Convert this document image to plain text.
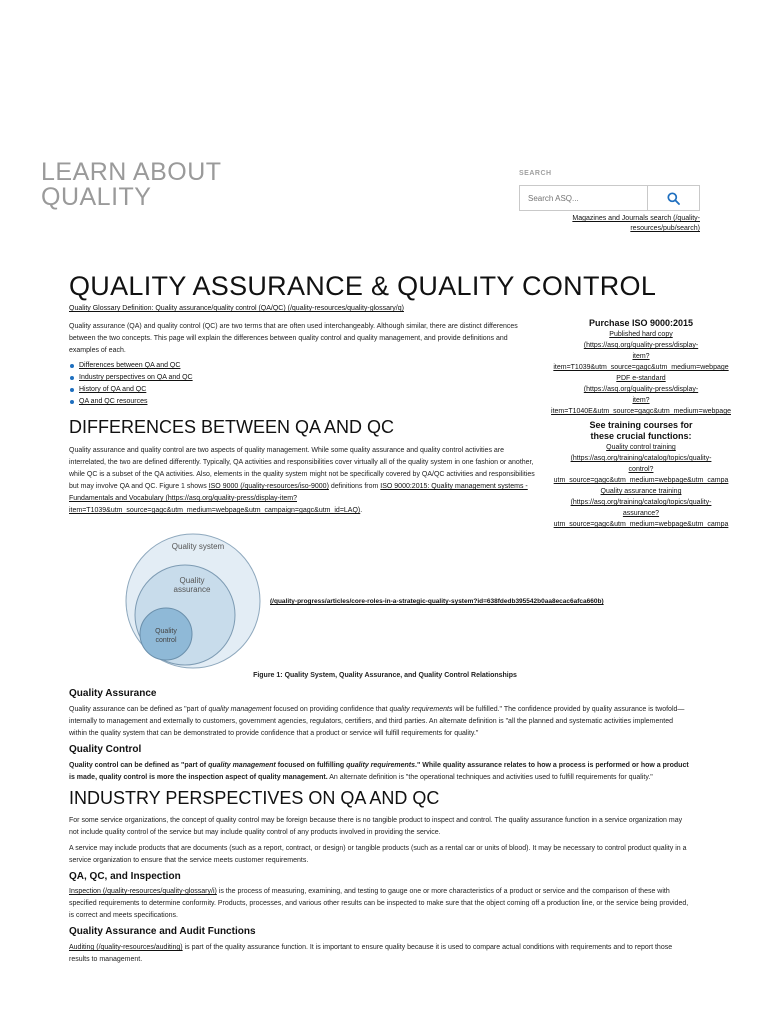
LEARN ABOUT QUALITY
SEARCH
Search ASQ...
Magazines and Journals search (/quality-resources/pub/search)
QUALITY ASSURANCE & QUALITY CONTROL
Quality Glossary Definition: Quality assurance/quality control (QA/QC) (/quality-resources/quality-glossary/q)
Quality assurance (QA) and quality control (QC) are two terms that are often used interchangeably. Although similar, there are distinct differences between the two concepts. This page will explain the differences between quality control and quality management, and provide definitions and examples of each.
Differences between QA and QC
Industry perspectives on QA and QC
History of QA and QC
QA and QC resources
DIFFERENCES BETWEEN QA AND QC
Quality assurance and quality control are two aspects of quality management. While some quality assurance and quality control activities are interrelated, the two are defined differently. Typically, QA activities and responsibilities cover virtually all of the quality system in one fashion or another, while QC is a subset of the QA activities. Also, elements in the quality system might not be specifically covered by QA/QC activities and responsibilities but may involve QA and QC. Figure 1 shows ISO 9000 (/quality-resources/iso-9000) definitions from ISO 9000:2015: Quality management systems - Fundamentals and Vocabulary (https://asq.org/quality-press/display-item?item=T1039&utm_source=gagc&utm_medium=webpage&utm_campaign=gagc&utm_id=LAQ).
Purchase ISO 9000:2015
Published hard copy
(https://asq.org/quality-press/display-
item?
item=T1039&utm_source=gagc&utm_medium=webpage
PDF e-standard
(https://asq.org/quality-press/display-
item?
item=T1040E&utm_source=gagc&utm_medium=webpage
See training courses for
these crucial functions:
Quality control training
(https://asq.org/training/catalog/topics/quality-
control?
utm_source=gagc&utm_medium=webpage&utm_campa
Quality assurance training
(https://asq.org/training/catalog/topics/quality-
assurance?
utm_source=gagc&utm_medium=webpage&utm_campa
Quality system
Quality
assurance
Quality
control
(/quality-progress/articles/core-roles-in-a-strategic-quality-system?id=638fdedb395542b0aa8ecac6afca660b)
Figure 1: Quality System, Quality Assurance, and Quality Control Relationships
Quality Assurance
Quality assurance can be defined as "part of quality management focused on providing confidence that quality requirements will be fulfilled." The confidence provided by quality assurance is twofold—internally to management and externally to customers, government agencies, regulators, certifiers, and third parties. An alternate definition is "all the planned and systematic activities implemented within the quality system that can be demonstrated to provide confidence that a product or service will fulfill requirements for quality."
Quality Control
Quality control can be defined as "part of quality management focused on fulfilling quality requirements." While quality assurance relates to how a process is performed or how a product is made, quality control is more the inspection aspect of quality management. An alternate definition is "the operational techniques and activities used to fulfill requirements for quality."
INDUSTRY PERSPECTIVES ON QA AND QC
For some service organizations, the concept of quality control may be foreign because there is no tangible product to inspect and control. The quality assurance function in a service organization may not include quality control of the service but may include quality control of any products involved in providing the service.
A service may include products that are documents (such as a report, contract, or design) or tangible products (such as a rental car or units of blood). It may be necessary to control product quality in a service organization to ensure that the service meets customer requirements.
QA, QC, and Inspection
Inspection (/quality-resources/quality-glossary/i) is the process of measuring, examining, and testing to gauge one or more characteristics of a product or service and the comparison of these with specified requirements to determine conformity. Products, processes, and various other results can be inspected to make sure that the object coming off a production line, or the service being provided, is correct and meets specifications.
Quality Assurance and Audit Functions
Auditing (/quality-resources/auditing) is part of the quality assurance function. It is important to ensure quality because it is used to compare actual conditions with requirements and to report those results to management.
